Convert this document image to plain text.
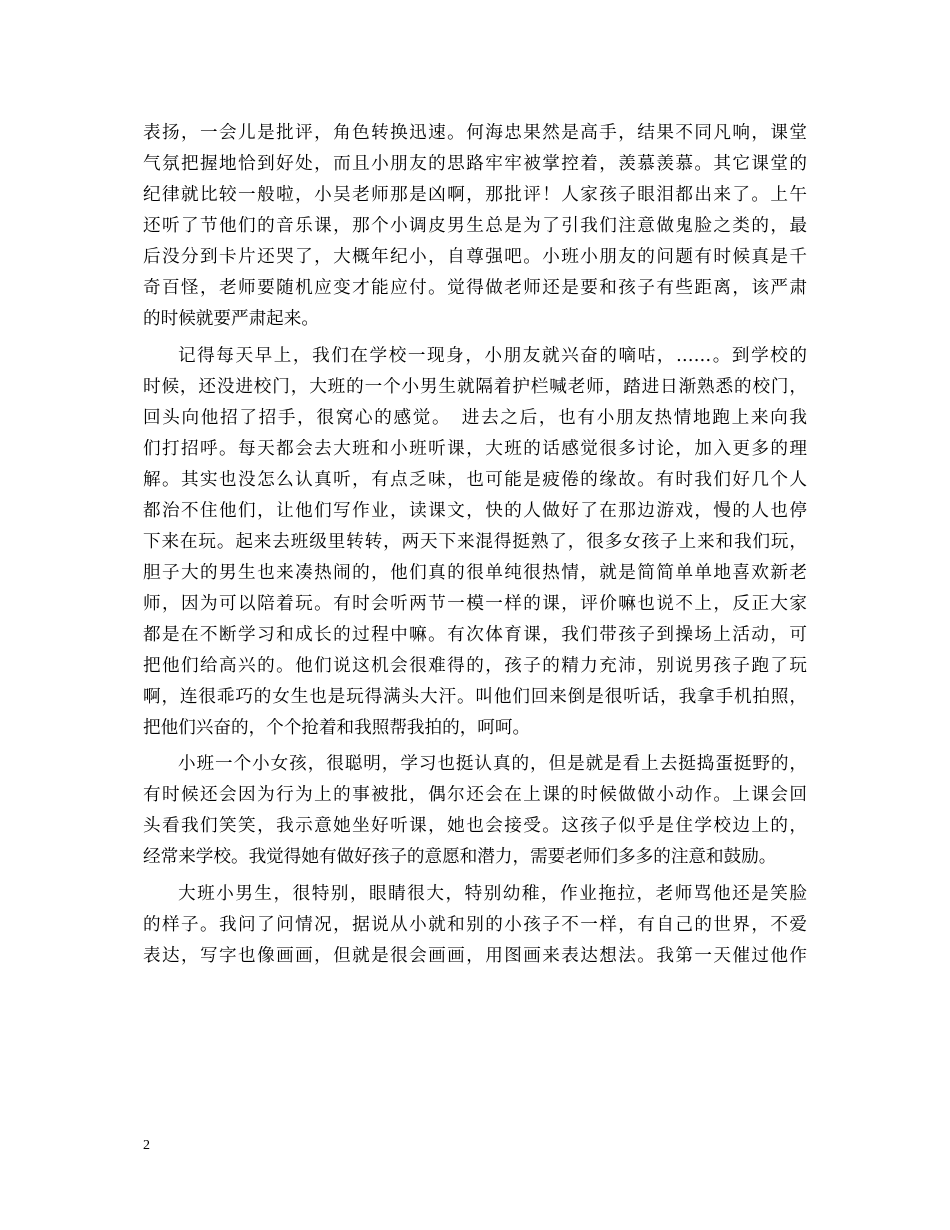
表扬，一会儿是批评，角色转换迅速。何海忠果然是高手，结果不同凡响，课堂
气氛把握地恰到好处，而且小朋友的思路牢牢被掌控着，羡慕羡慕。其它课堂的
纪律就比较一般啦，小吴老师那是凶啊，那批评！人家孩子眼泪都出来了。上午
还听了节他们的音乐课，那个小调皮男生总是为了引我们注意做鬼脸之类的，最
后没分到卡片还哭了，大概年纪小，自尊强吧。小班小朋友的问题有时候真是千
奇百怪，老师要随机应变才能应付。觉得做老师还是要和孩子有些距离，该严肃
的时候就要严肃起来。
记得每天早上，我们在学校一现身，小朋友就兴奋的嘀咕，……。到学校的
时候，还没进校门，大班的一个小男生就隔着护栏喊老师，踏进日渐熟悉的校门，
回头向他招了招手，很窝心的感觉。　进去之后，也有小朋友热情地跑上来向我
们打招呼。每天都会去大班和小班听课，大班的话感觉很多讨论，加入更多的理
解。其实也没怎么认真听，有点乏味，也可能是疲倦的缘故。有时我们好几个人
都治不住他们，让他们写作业，读课文，快的人做好了在那边游戏，慢的人也停
下来在玩。起来去班级里转转，两天下来混得挺熟了，很多女孩子上来和我们玩，
胆子大的男生也来凑热闹的，他们真的很单纯很热情，就是简简单单地喜欢新老
师，因为可以陪着玩。有时会听两节一模一样的课，评价嘛也说不上，反正大家
都是在不断学习和成长的过程中嘛。有次体育课，我们带孩子到操场上活动，可
把他们给高兴的。他们说这机会很难得的，孩子的精力充沛，别说男孩子跑了玩
啊，连很乖巧的女生也是玩得满头大汗。叫他们回来倒是很听话，我拿手机拍照，
把他们兴奋的，个个抢着和我照帮我拍的，呵呵。
小班一个小女孩，很聪明，学习也挺认真的，但是就是看上去挺捣蛋挺野的，
有时候还会因为行为上的事被批，偶尔还会在上课的时候做做小动作。上课会回
头看我们笑笑，我示意她坐好听课，她也会接受。这孩子似乎是住学校边上的，
经常来学校。我觉得她有做好孩子的意愿和潜力，需要老师们多多的注意和鼓励。
大班小男生，很特别，眼睛很大，特别幼稚，作业拖拉，老师骂他还是笑脸
的样子。我问了问情况，据说从小就和别的小孩子不一样，有自己的世界，不爱
表达，写字也像画画，但就是很会画画，用图画来表达想法。我第一天催过他作
2
